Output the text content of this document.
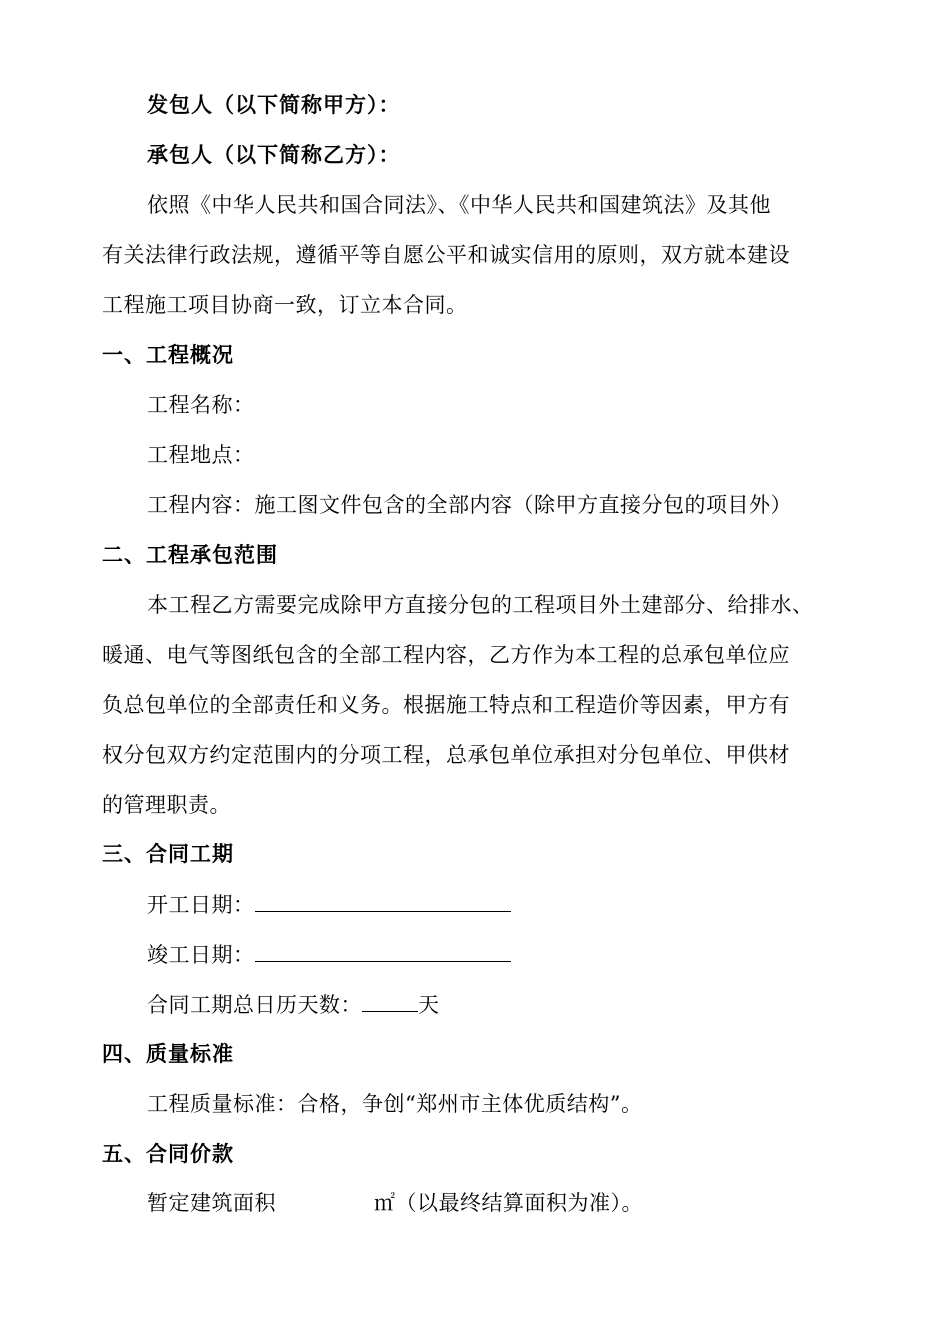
发包人（以下简称甲方）：
承包人（以下简称乙方）：
依照《中华人民共和国合同法》、《中华人民共和国建筑法》及其他
有关法律行政法规，遵循平等自愿公平和诚实信用的原则，双方就本建设
工程施工项目协商一致，订立本合同。
一、工程概况
工程名称：
工程地点：
工程内容：施工图文件包含的全部内容（除甲方直接分包的项目外）
二、工程承包范围
本工程乙方需要完成除甲方直接分包的工程项目外土建部分、给排水、
暖通、电气等图纸包含的全部工程内容，乙方作为本工程的总承包单位应
负总包单位的全部责任和义务。根据施工特点和工程造价等因素，甲方有
权分包双方约定范围内的分项工程，总承包单位承担对分包单位、甲供材
的管理职责。
三、合同工期
开工日期：
竣工日期：
合同工期总日历天数：	天
四、质量标准
工程质量标准：合格，争创“郑州市主体优质结构”。
五、合同价款
暂定建筑面积	㎡（以最终结算面积为准）。
